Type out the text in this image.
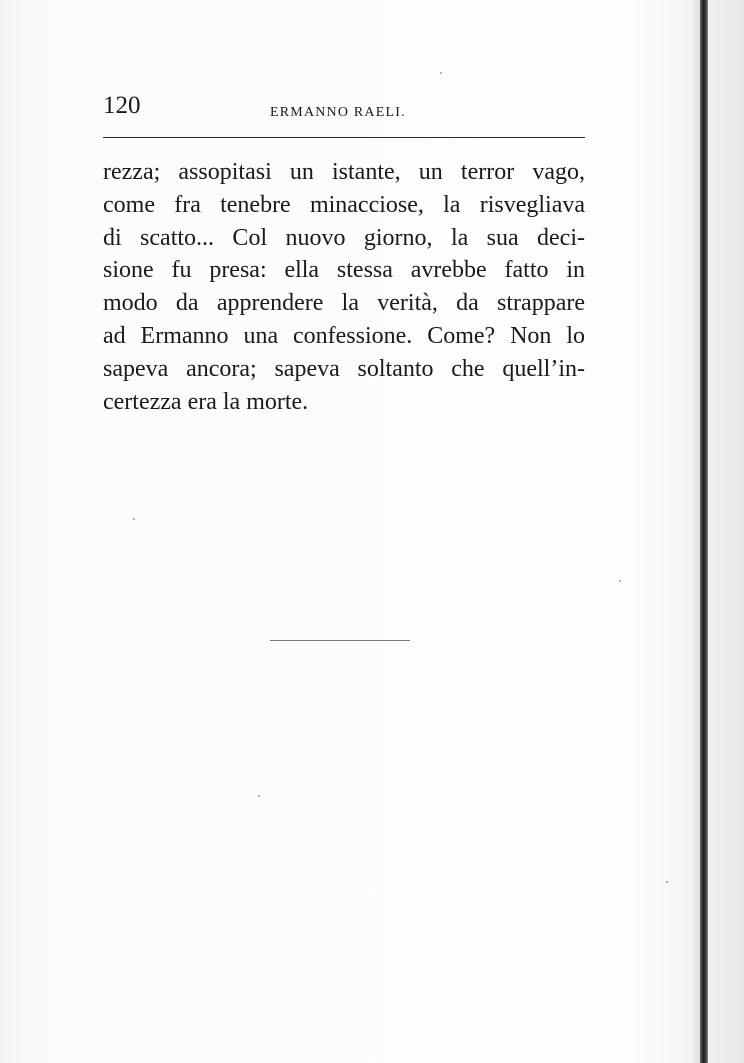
120	ERMANNO RAELI.
rezza; assopitasi un istante, un terror vago,
come fra tenebre minacciose, la risvegliava
di scatto... Col nuovo giorno, la sua deci-
sione fu presa: ella stessa avrebbe fatto in
modo da apprendere la verità, da strappare
ad Ermanno una confessione. Come? Non lo
sapeva ancora; sapeva soltanto che quell’in-
certezza era la morte.
